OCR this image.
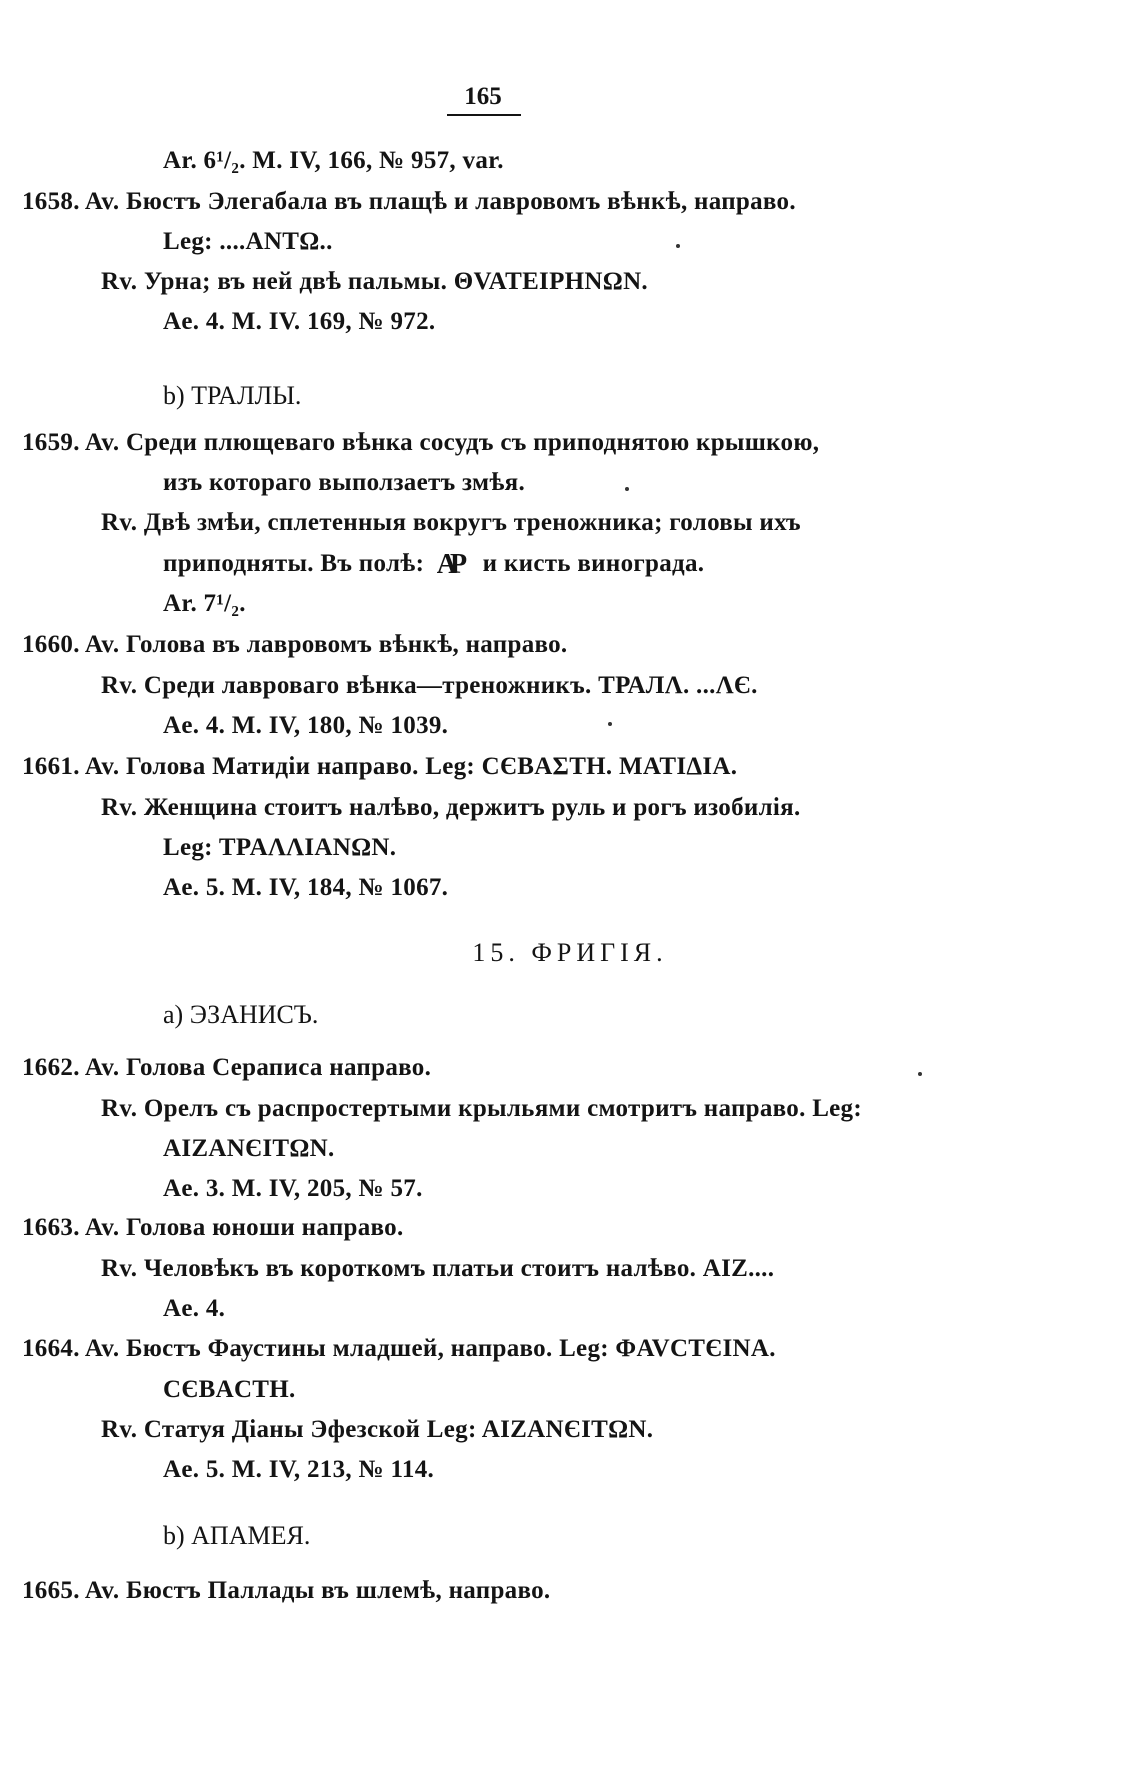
165
Ar. 6¹/₂. M. IV, 166, № 957, var.
1658. Av. Бюстъ Элегабала въ плащѣ и лавровомъ вѣнкѣ, направо.
Leg: ....ANTΩ..
Rv. Урна; въ ней двѣ пальмы. ΘVATEIPHNΩN.
Ae. 4. M. IV. 169, № 972.
b) ТРАЛЛЫ.
1659. Av. Среди плющеваго вѣнка сосудъ съ приподнятою крышкою,
изъ котораго выползаетъ змѣя.
Rv. Двѣ змѣи, сплетенныя вокругъ треножника; головы ихъ
приподняты. Въ полѣ: ΑΡ и кисть винограда.
Ar. 7¹/₂.
1660. Av. Голова въ лавровомъ вѣнкѣ, направо.
Rv. Среди лавроваго вѣнка—треножникъ. ТРАЛΛ. ...ΛЄ.
Ae. 4. M. IV, 180, № 1039.
1661. Av. Голова Матидіи направо. Leg: CЄBAΣTH. MATIΔIA.
Rv. Женщина стоитъ налѣво, держитъ руль и рогъ изобилія.
Leg: TPAΛΛIANΩN.
Ae. 5. M. IV, 184, № 1067.
15. ФРИГІЯ.
a) ЭЗАНИСЪ.
1662. Av. Голова Сераписа направо.
Rv. Орелъ съ распростертыми крыльями смотритъ направо. Leg:
AIZANЄITΩN.
Ae. 3. M. IV, 205, № 57.
1663. Av. Голова юноши направо.
Rv. Человѣкъ въ короткомъ платьи стоитъ налѣво. AIZ....
Ae. 4.
1664. Av. Бюстъ Фаустины младшей, направо. Leg: ΦAVCTЄINA.
CЄBACTH.
Rv. Статуя Діаны Эфезской Leg: AIZANЄITΩN.
Ae. 5. M. IV, 213, № 114.
b) АПАМЕЯ.
1665. Av. Бюстъ Паллады въ шлемѣ, направо.
